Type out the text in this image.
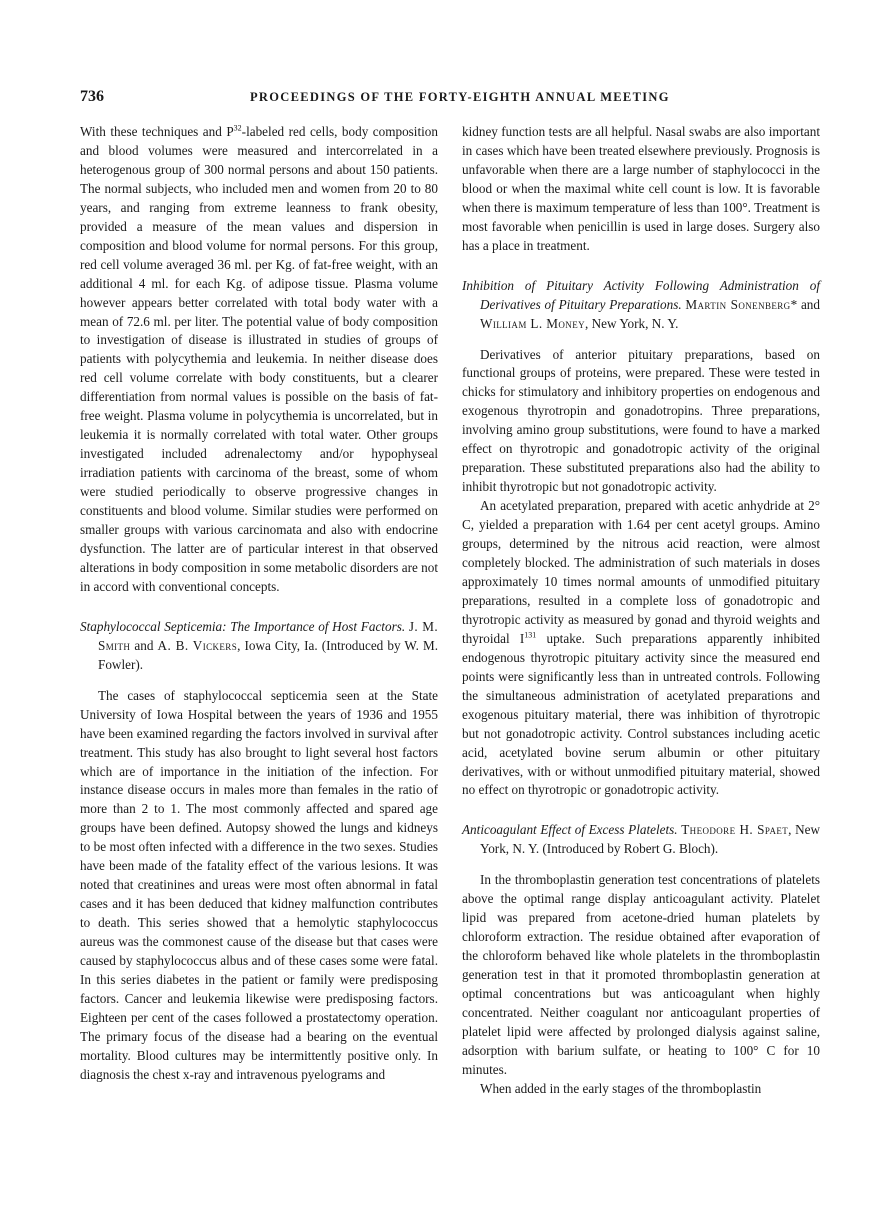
736	PROCEEDINGS OF THE FORTY-EIGHTH ANNUAL MEETING

With these techniques and $P^{32}$-labeled red cells, body composition and blood volumes were measured and intercorrelated in a heterogenous group of 300 normal persons and about 150 patients. The normal subjects, who included men and women from 20 to 80 years, and ranging from extreme leanness to frank obesity, provided a measure of the mean values and dispersion in composition and blood volume for normal persons. For this group, red cell volume averaged 36 ml. per Kg. of fat-free weight, with an additional 4 ml. for each Kg. of adipose tissue. Plasma volume however appears better correlated with total body water with a mean of 72.6 ml. per liter. The potential value of body composition to investigation of disease is illustrated in studies of groups of patients with polycythemia and leukemia. In neither disease does red cell volume correlate with body constituents, but a clearer differentiation from normal values is possible on the basis of fat-free weight. Plasma volume in polycythemia is uncorrelated, but in leukemia it is normally correlated with total water. Other groups investigated included adrenalectomy and/or hypophyseal irradiation patients with carcinoma of the breast, some of whom were studied periodically to observe progressive changes in constituents and blood volume. Similar studies were performed on smaller groups with various carcinomata and also with endocrine dysfunction. The latter are of particular interest in that observed alterations in body composition in some metabolic disorders are not in accord with conventional concepts.

Staphylococcal Septicemia: The Importance of Host Factors. J. M. Smith and A. B. Vickers, Iowa City, Ia. (Introduced by W. M. Fowler).

The cases of staphylococcal septicemia seen at the State University of Iowa Hospital between the years of 1936 and 1955 have been examined regarding the factors involved in survival after treatment. This study has also brought to light several host factors which are of importance in the initiation of the infection. For instance disease occurs in males more than females in the ratio of more than 2 to 1. The most commonly affected and spared age groups have been defined. Autopsy showed the lungs and kidneys to be most often infected with a difference in the two sexes. Studies have been made of the fatality effect of the various lesions. It was noted that creatinines and ureas were most often abnormal in fatal cases and it has been deduced that kidney malfunction contributes to death. This series showed that a hemolytic staphylococcus aureus was the commonest cause of the disease but that cases were caused by staphylococcus albus and of these cases some were fatal. In this series diabetes in the patient or family were predisposing factors. Cancer and leukemia likewise were predisposing factors. Eighteen per cent of the cases followed a prostatectomy operation. The primary focus of the disease had a bearing on the eventual mortality. Blood cultures may be intermittently positive only. In diagnosis the chest x-ray and intravenous pyelograms and

kidney function tests are all helpful. Nasal swabs are also important in cases which have been treated elsewhere previously. Prognosis is unfavorable when there are a large number of staphylococci in the blood or when the maximal white cell count is low. It is favorable when there is maximum temperature of less than 100°. Treatment is most favorable when penicillin is used in large doses. Surgery also has a place in treatment.

Inhibition of Pituitary Activity Following Administration of Derivatives of Pituitary Preparations. Martin Sonenberg* and William L. Money, New York, N. Y.

Derivatives of anterior pituitary preparations, based on functional groups of proteins, were prepared. These were tested in chicks for stimulatory and inhibitory properties on endogenous and exogenous thyrotropin and gonadotropins. Three preparations, involving amino group substitutions, were found to have a marked effect on thyrotropic and gonadotropic activity of the original preparation. These substituted preparations also had the ability to inhibit thyrotropic but not gonadotropic activity.

An acetylated preparation, prepared with acetic anhydride at 2° C, yielded a preparation with 1.64 per cent acetyl groups. Amino groups, determined by the nitrous acid reaction, were almost completely blocked. The administration of such materials in doses approximately 10 times normal amounts of unmodified pituitary preparations, resulted in a complete loss of gonadotropic and thyrotropic activity as measured by gonad and thyroid weights and thyroidal $I^{131}$ uptake. Such preparations apparently inhibited endogenous thyrotropic pituitary activity since the measured end points were significantly less than in untreated controls. Following the simultaneous administration of acetylated preparations and exogenous pituitary material, there was inhibition of thyrotropic but not gonadotropic activity. Control substances including acetic acid, acetylated bovine serum albumin or other pituitary derivatives, with or without unmodified pituitary material, showed no effect on thyrotropic or gonadotropic activity.

Anticoagulant Effect of Excess Platelets. Theodore H. Spaet, New York, N. Y. (Introduced by Robert G. Bloch).

In the thromboplastin generation test concentrations of platelets above the optimal range display anticoagulant activity. Platelet lipid was prepared from acetone-dried human platelets by chloroform extraction. The residue obtained after evaporation of the chloroform behaved like whole platelets in the thromboplastin generation test in that it promoted thromboplastin generation at optimal concentrations but was anticoagulant when highly concentrated. Neither coagulant nor anticoagulant properties of platelet lipid were affected by prolonged dialysis against saline, adsorption with barium sulfate, or heating to 100° C for 10 minutes.

When added in the early stages of the thromboplastin
